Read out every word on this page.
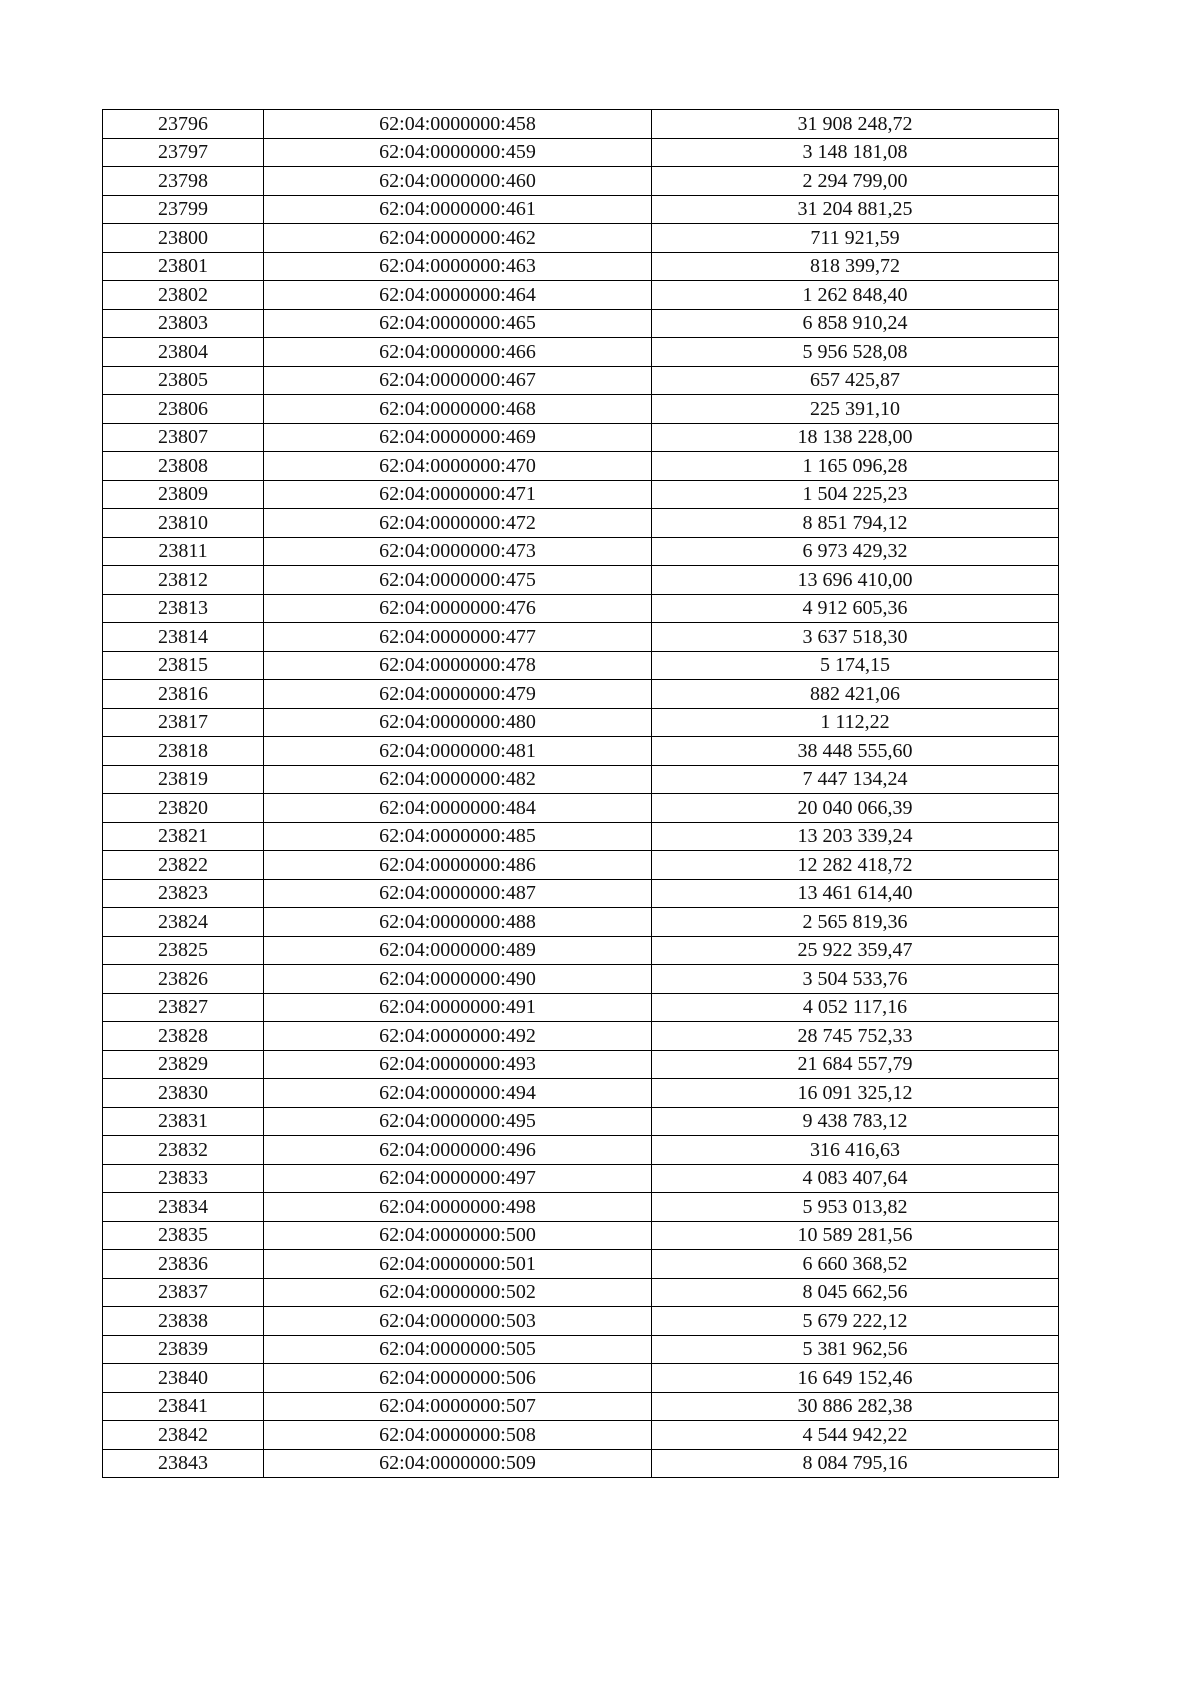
23796	62:04:0000000:458	31 908 248,72
23797	62:04:0000000:459	3 148 181,08
23798	62:04:0000000:460	2 294 799,00
23799	62:04:0000000:461	31 204 881,25
23800	62:04:0000000:462	711 921,59
23801	62:04:0000000:463	818 399,72
23802	62:04:0000000:464	1 262 848,40
23803	62:04:0000000:465	6 858 910,24
23804	62:04:0000000:466	5 956 528,08
23805	62:04:0000000:467	657 425,87
23806	62:04:0000000:468	225 391,10
23807	62:04:0000000:469	18 138 228,00
23808	62:04:0000000:470	1 165 096,28
23809	62:04:0000000:471	1 504 225,23
23810	62:04:0000000:472	8 851 794,12
23811	62:04:0000000:473	6 973 429,32
23812	62:04:0000000:475	13 696 410,00
23813	62:04:0000000:476	4 912 605,36
23814	62:04:0000000:477	3 637 518,30
23815	62:04:0000000:478	5 174,15
23816	62:04:0000000:479	882 421,06
23817	62:04:0000000:480	1 112,22
23818	62:04:0000000:481	38 448 555,60
23819	62:04:0000000:482	7 447 134,24
23820	62:04:0000000:484	20 040 066,39
23821	62:04:0000000:485	13 203 339,24
23822	62:04:0000000:486	12 282 418,72
23823	62:04:0000000:487	13 461 614,40
23824	62:04:0000000:488	2 565 819,36
23825	62:04:0000000:489	25 922 359,47
23826	62:04:0000000:490	3 504 533,76
23827	62:04:0000000:491	4 052 117,16
23828	62:04:0000000:492	28 745 752,33
23829	62:04:0000000:493	21 684 557,79
23830	62:04:0000000:494	16 091 325,12
23831	62:04:0000000:495	9 438 783,12
23832	62:04:0000000:496	316 416,63
23833	62:04:0000000:497	4 083 407,64
23834	62:04:0000000:498	5 953 013,82
23835	62:04:0000000:500	10 589 281,56
23836	62:04:0000000:501	6 660 368,52
23837	62:04:0000000:502	8 045 662,56
23838	62:04:0000000:503	5 679 222,12
23839	62:04:0000000:505	5 381 962,56
23840	62:04:0000000:506	16 649 152,46
23841	62:04:0000000:507	30 886 282,38
23842	62:04:0000000:508	4 544 942,22
23843	62:04:0000000:509	8 084 795,16
